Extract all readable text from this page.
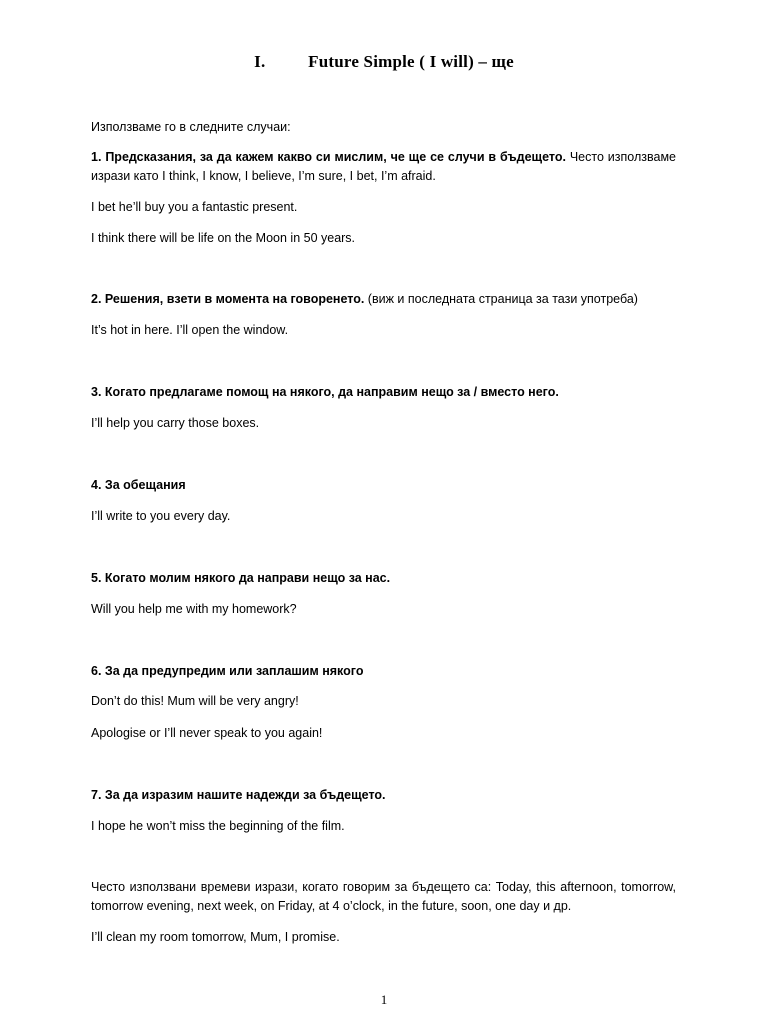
I.	Future Simple ( I will) – ще
Използваме го в следните случаи:
1. Предсказания, за да кажем какво си мислим, че ще се случи в бъдещето. Често използваме изрази като I think, I know, I believe, I’m sure, I bet, I’m afraid.
I bet he’ll buy you a fantastic present.
I think there will be life on the Moon in 50 years.
2. Решения, взети в момента на говоренето. (виж и последната страница за тази употреба)
It’s hot in here. I’ll open the window.
3. Когато предлагаме помощ на някого, да направим нещо за / вместо него.
I’ll help you carry those boxes.
4. За обещания
I’ll write to you every day.
5. Когато молим някого да направи нещо за нас.
Will you help me with my homework?
6. За да предупредим или заплашим някого
Don’t do this! Mum will be very angry!
Apologise or I’ll never speak to you again!
7. За да изразим нашите надежди за бъдещето.
I hope he won’t miss the beginning of the film.
Често използвани времеви изрази, когато говорим за бъдещето са: Today, this afternoon, tomorrow, tomorrow evening, next week, on Friday, at 4 o’clock, in the future, soon, one day и др.
I’ll clean my room tomorrow, Mum, I promise.
1
